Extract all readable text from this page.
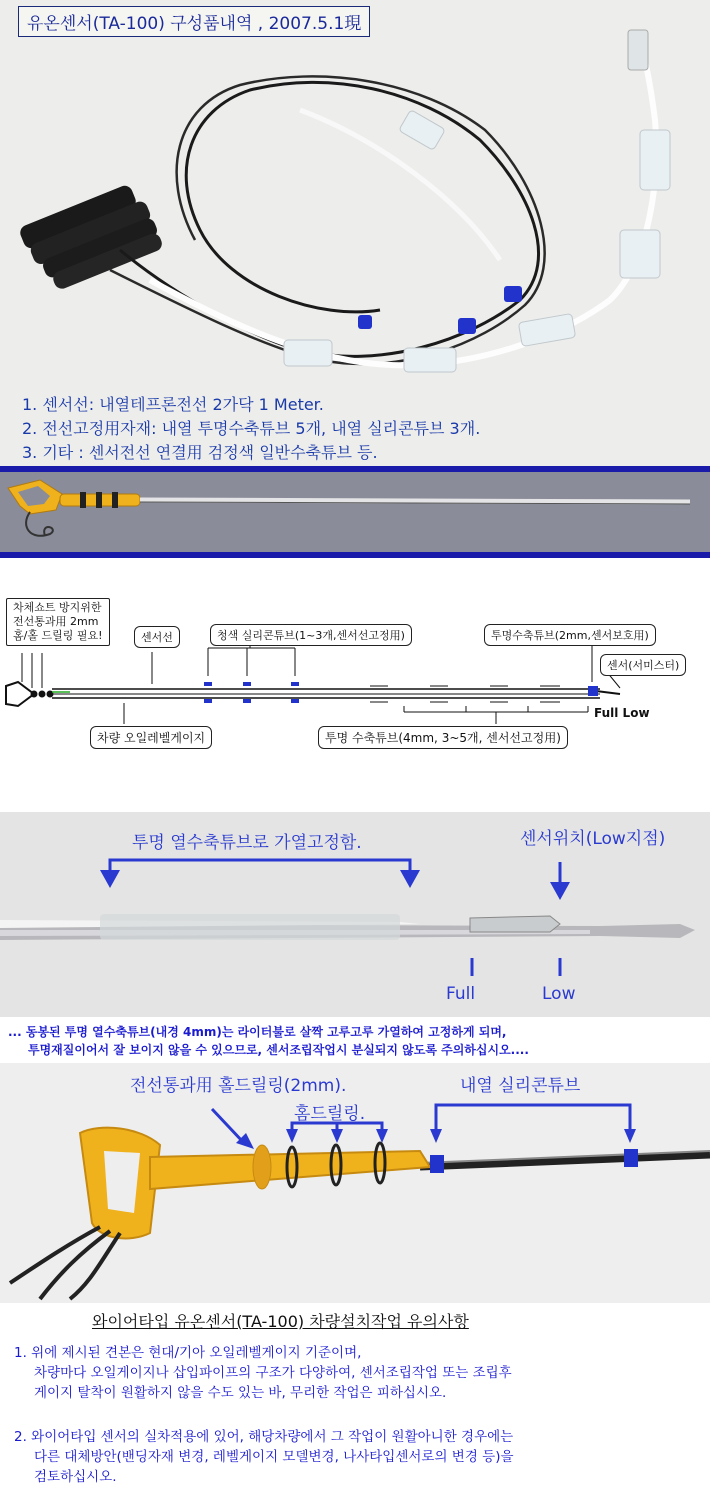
유온센서(TA-100) 구성품내역 , 2007.5.1現
1. 센서선: 내열테프론전선 2가닥 1 Meter.
2. 전선고정用자재: 내열 투명수축튜브 5개, 내열 실리콘튜브 3개.
3. 기타 : 센서전선 연결用 검정색 일반수축튜브 등.
차체쇼트 방지위한
전선통과用 2mm
홈/홀 드릴링 필요!	센서선	청색 실리콘튜브(1~3개,센서선고정用)	투명수축튜브(2mm,센서보호用)
센서(서미스터)
Full Low
차량 오일레벨게이지	투명 수축튜브(4mm, 3~5개, 센서선고정用)
투명 열수축튜브로 가열고정함.	센서위치(Low지점)
Full	Low
... 동봉된 투명 열수축튜브(내경 4mm)는 라이터불로 살짝 고루고루 가열하여 고정하게 되며,
투명재질이어서 잘 보이지 않을 수 있으므로, 센서조립작업시 분실되지 않도록 주의하십시오....
전선통과用 홀드릴링(2mm).
홈드릴링.
내열 실리콘튜브
와이어타입 유온센서(TA-100) 차량설치작업 유의사항
1. 위에 제시된 견본은 현대/기아 오일레벨게이지 기준이며,
차량마다 오일게이지나 삽입파이프의 구조가 다양하여, 센서조립작업 또는 조립후
게이지 탈착이 원활하지 않을 수도 있는 바, 무리한 작업은 피하십시오.
2. 와이어타입 센서의 실차적용에 있어, 해당차량에서 그 작업이 원활아니한 경우에는
다른 대체방안(밴딩자재 변경, 레벨게이지 모델변경, 나사타입센서로의 변경 등)을
검토하십시오.
